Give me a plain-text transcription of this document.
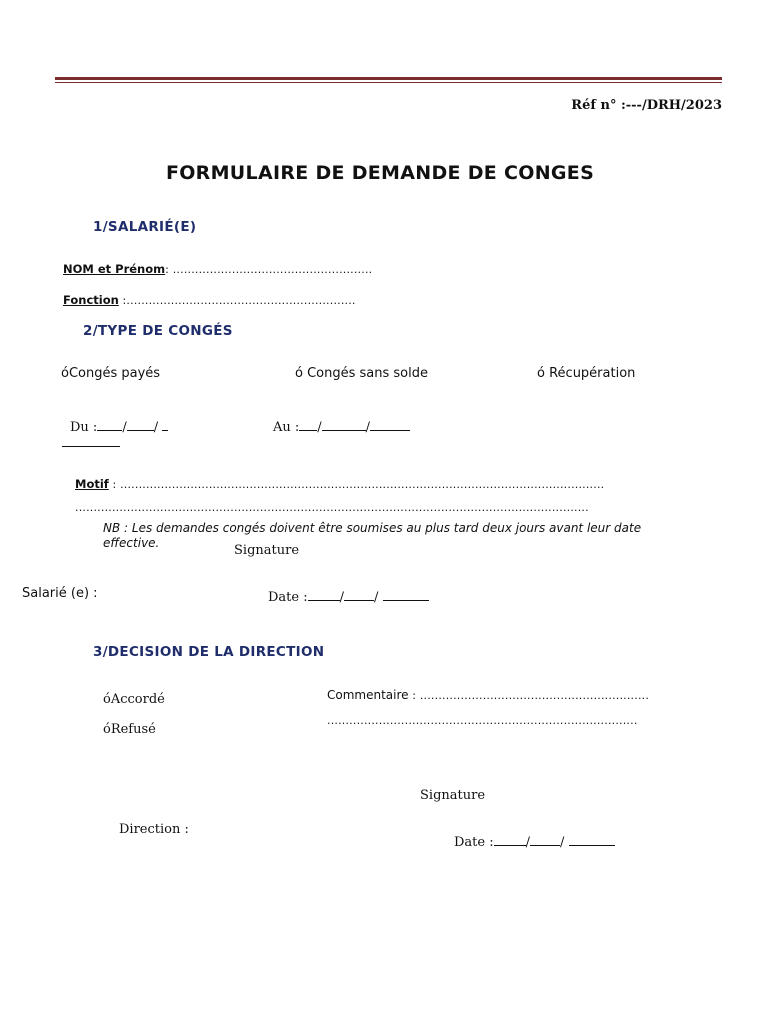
Réf n° :---/DRH/2023
FORMULAIRE DE DEMANDE DE CONGES
1/SALARIÉ(E)
NOM et Prénom: ......................................................
Fonction :..............................................................
2/TYPE DE CONGÉS
όCongés payés	ό Congés sans solde	ό Récupération
Du : / /	Au : /	/
Motif : ...................................................................................................................................
...........................................................................................................................................
NB : Les demandes congés doivent être soumises au plus tard deux jours avant leur date effective.	Signature
Salarié (e) :	Date : / /
3/DECISION DE LA DIRECTION
όAccordé
όRefusé
Commentaire : ..............................................................
....................................................................................
Signature
Direction :
Date : / /
